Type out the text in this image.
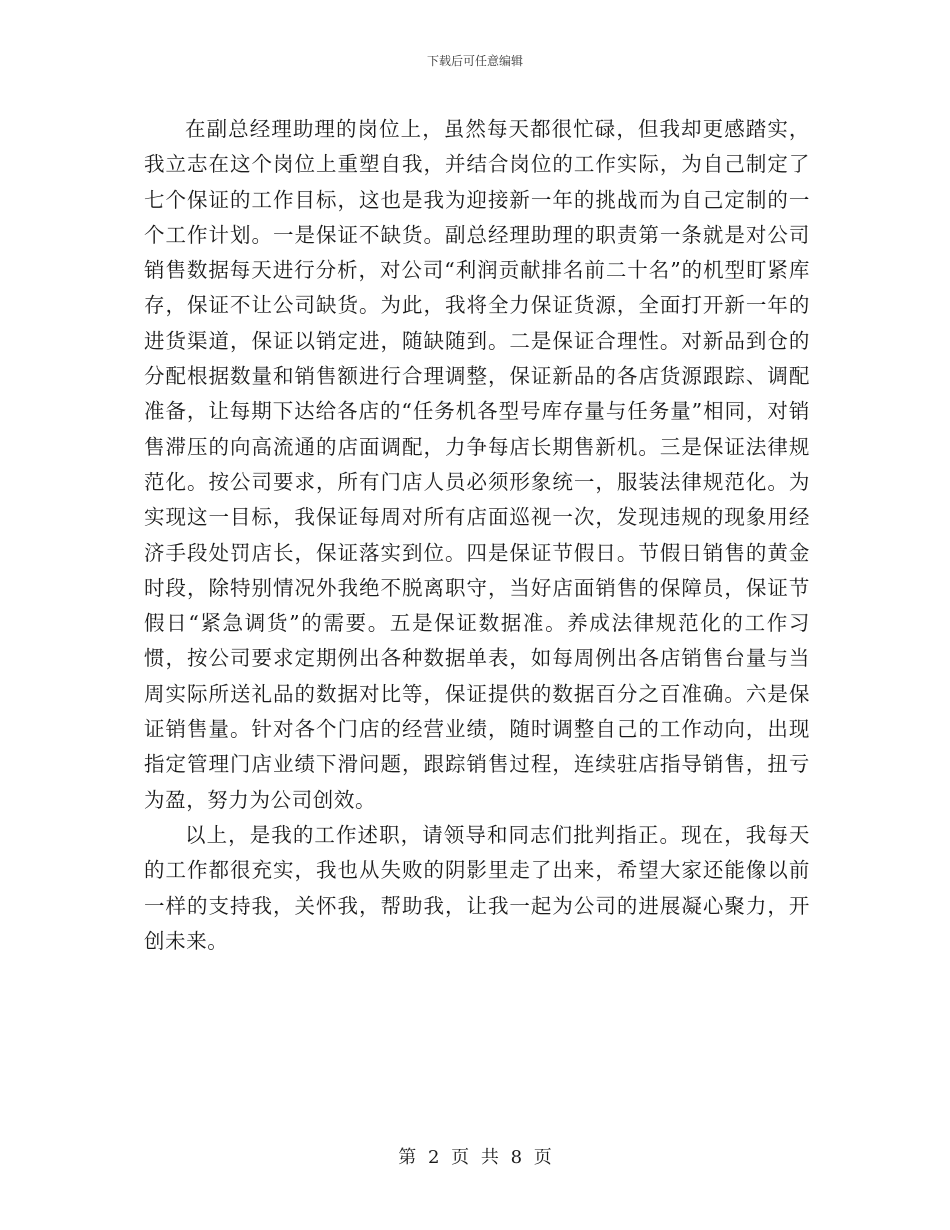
下载后可任意编辑

在副总经理助理的岗位上，虽然每天都很忙碌，但我却更感踏实，我立志在这个岗位上重塑自我，并结合岗位的工作实际，为自己制定了七个保证的工作目标，这也是我为迎接新一年的挑战而为自己定制的一个工作计划。一是保证不缺货。副总经理助理的职责第一条就是对公司销售数据每天进行分析，对公司“利润贡献排名前二十名”的机型盯紧库存，保证不让公司缺货。为此，我将全力保证货源，全面打开新一年的进货渠道，保证以销定进，随缺随到。二是保证合理性。对新品到仓的分配根据数量和销售额进行合理调整，保证新品的各店货源跟踪、调配准备，让每期下达给各店的“任务机各型号库存量与任务量”相同，对销售滞压的向高流通的店面调配，力争每店长期售新机。三是保证法律规范化。按公司要求，所有门店人员必须形象统一，服装法律规范化。为实现这一目标，我保证每周对所有店面巡视一次，发现违规的现象用经济手段处罚店长，保证落实到位。四是保证节假日。节假日销售的黄金时段，除特别情况外我绝不脱离职守，当好店面销售的保障员，保证节假日“紧急调货”的需要。五是保证数据准。养成法律规范化的工作习惯，按公司要求定期例出各种数据单表，如每周例出各店销售台量与当周实际所送礼品的数据对比等，保证提供的数据百分之百准确。六是保证销售量。针对各个门店的经营业绩，随时调整自己的工作动向，出现指定管理门店业绩下滑问题，跟踪销售过程，连续驻店指导销售，扭亏为盈，努力为公司创效。

以上，是我的工作述职，请领导和同志们批判指正。现在，我每天的工作都很充实，我也从失败的阴影里走了出来，希望大家还能像以前一样的支持我，关怀我，帮助我，让我一起为公司的进展凝心聚力，开创未来。

第 2 页 共 8 页
